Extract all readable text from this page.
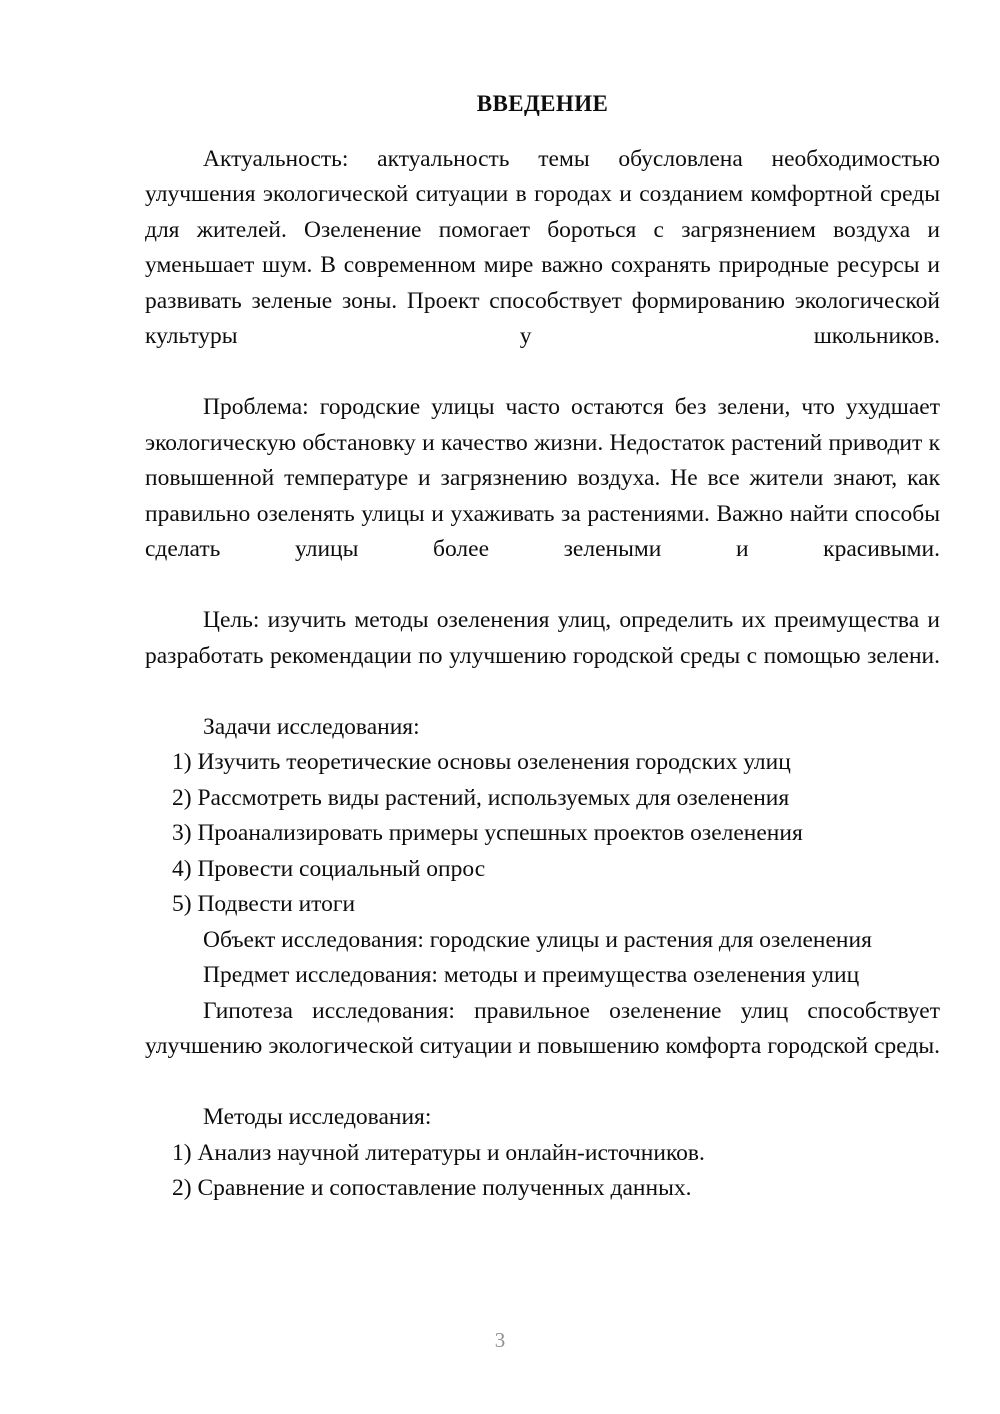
ВВЕДЕНИЕ

Актуальность: актуальность темы обусловлена необходимостью улучшения экологической ситуации в городах и созданием комфортной среды для жителей. Озеленение помогает бороться с загрязнением воздуха и уменьшает шум. В современном мире важно сохранять природные ресурсы и развивать зеленые зоны. Проект способствует формированию экологической культуры у школьников.

Проблема: городские улицы часто остаются без зелени, что ухудшает экологическую обстановку и качество жизни. Недостаток растений приводит к повышенной температуре и загрязнению воздуха. Не все жители знают, как правильно озеленять улицы и ухаживать за растениями. Важно найти способы сделать улицы более зелеными и красивыми.

Цель: изучить методы озеленения улиц, определить их преимущества и разработать рекомендации по улучшению городской среды с помощью зелени.

Задачи исследования:

1) Изучить теоретические основы озеленения городских улиц
2) Рассмотреть виды растений, используемых для озеленения
3) Проанализировать примеры успешных проектов озеленения
4) Провести социальный опрос
5) Подвести итоги

Объект исследования: городские улицы и растения для озеленения

Предмет исследования: методы и преимущества озеленения улиц

Гипотеза исследования: правильное озеленение улиц способствует улучшению экологической ситуации и повышению комфорта городской среды.

Методы исследования:

1) Анализ научной литературы и онлайн-источников.
2) Сравнение и сопоставление полученных данных.
3
